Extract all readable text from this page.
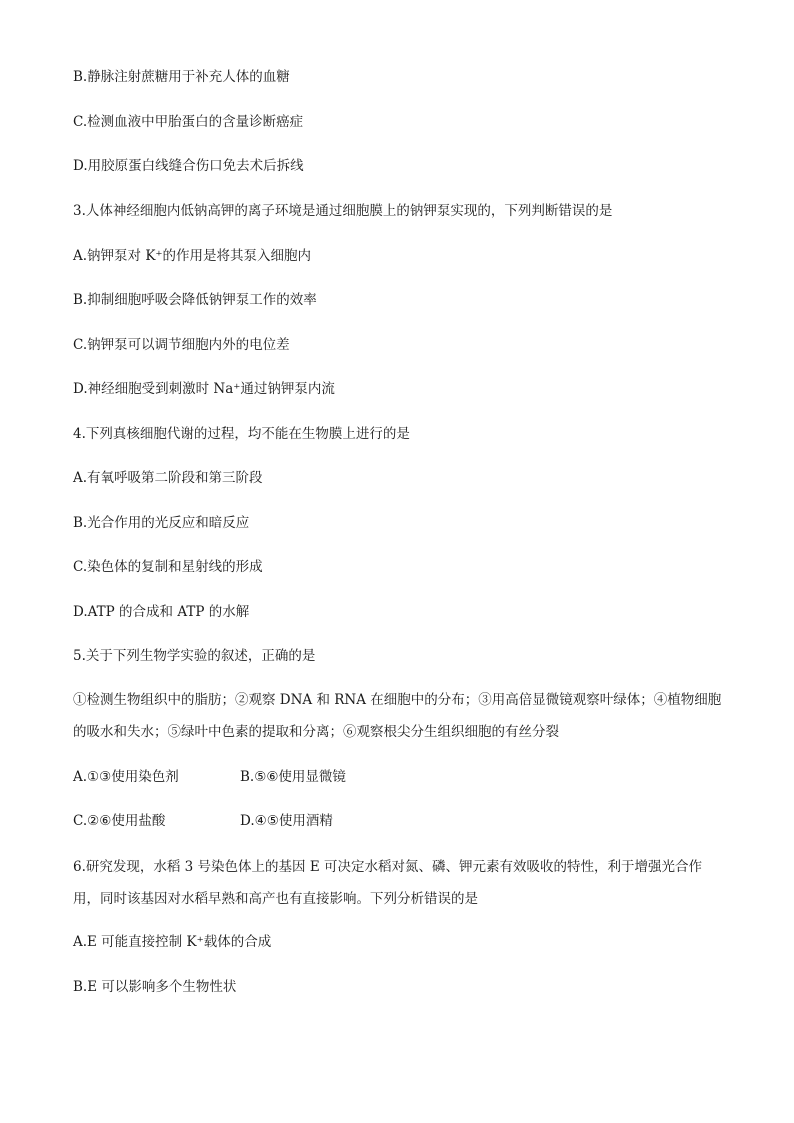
B.静脉注射蔗糖用于补充人体的血糖
C.检测血液中甲胎蛋白的含量诊断癌症
D.用胶原蛋白线缝合伤口免去术后拆线
3.人体神经细胞内低钠高钾的离子环境是通过细胞膜上的钠钾泵实现的，下列判断错误的是
A.钠钾泵对 K⁺的作用是将其泵入细胞内
B.抑制细胞呼吸会降低钠钾泵工作的效率
C.钠钾泵可以调节细胞内外的电位差
D.神经细胞受到刺激时 Na⁺通过钠钾泵内流
4.下列真核细胞代谢的过程，均不能在生物膜上进行的是
A.有氧呼吸第二阶段和第三阶段
B.光合作用的光反应和暗反应
C.染色体的复制和星射线的形成
D.ATP 的合成和 ATP 的水解
5.关于下列生物学实验的叙述，正确的是
①检测生物组织中的脂肪；②观察 DNA 和 RNA 在细胞中的分布；③用高倍显微镜观察叶绿体；④植物细胞的吸水和失水；⑤绿叶中色素的提取和分离；⑥观察根尖分生组织细胞的有丝分裂
A.①③使用染色剂	B.⑤⑥使用显微镜
C.②⑥使用盐酸	D.④⑤使用酒精
6.研究发现，水稻 3 号染色体上的基因 E 可决定水稻对氮、磷、钾元素有效吸收的特性，利于增强光合作用，同时该基因对水稻早熟和高产也有直接影响。下列分析错误的是
A.E 可能直接控制 K⁺载体的合成
B.E 可以影响多个生物性状
